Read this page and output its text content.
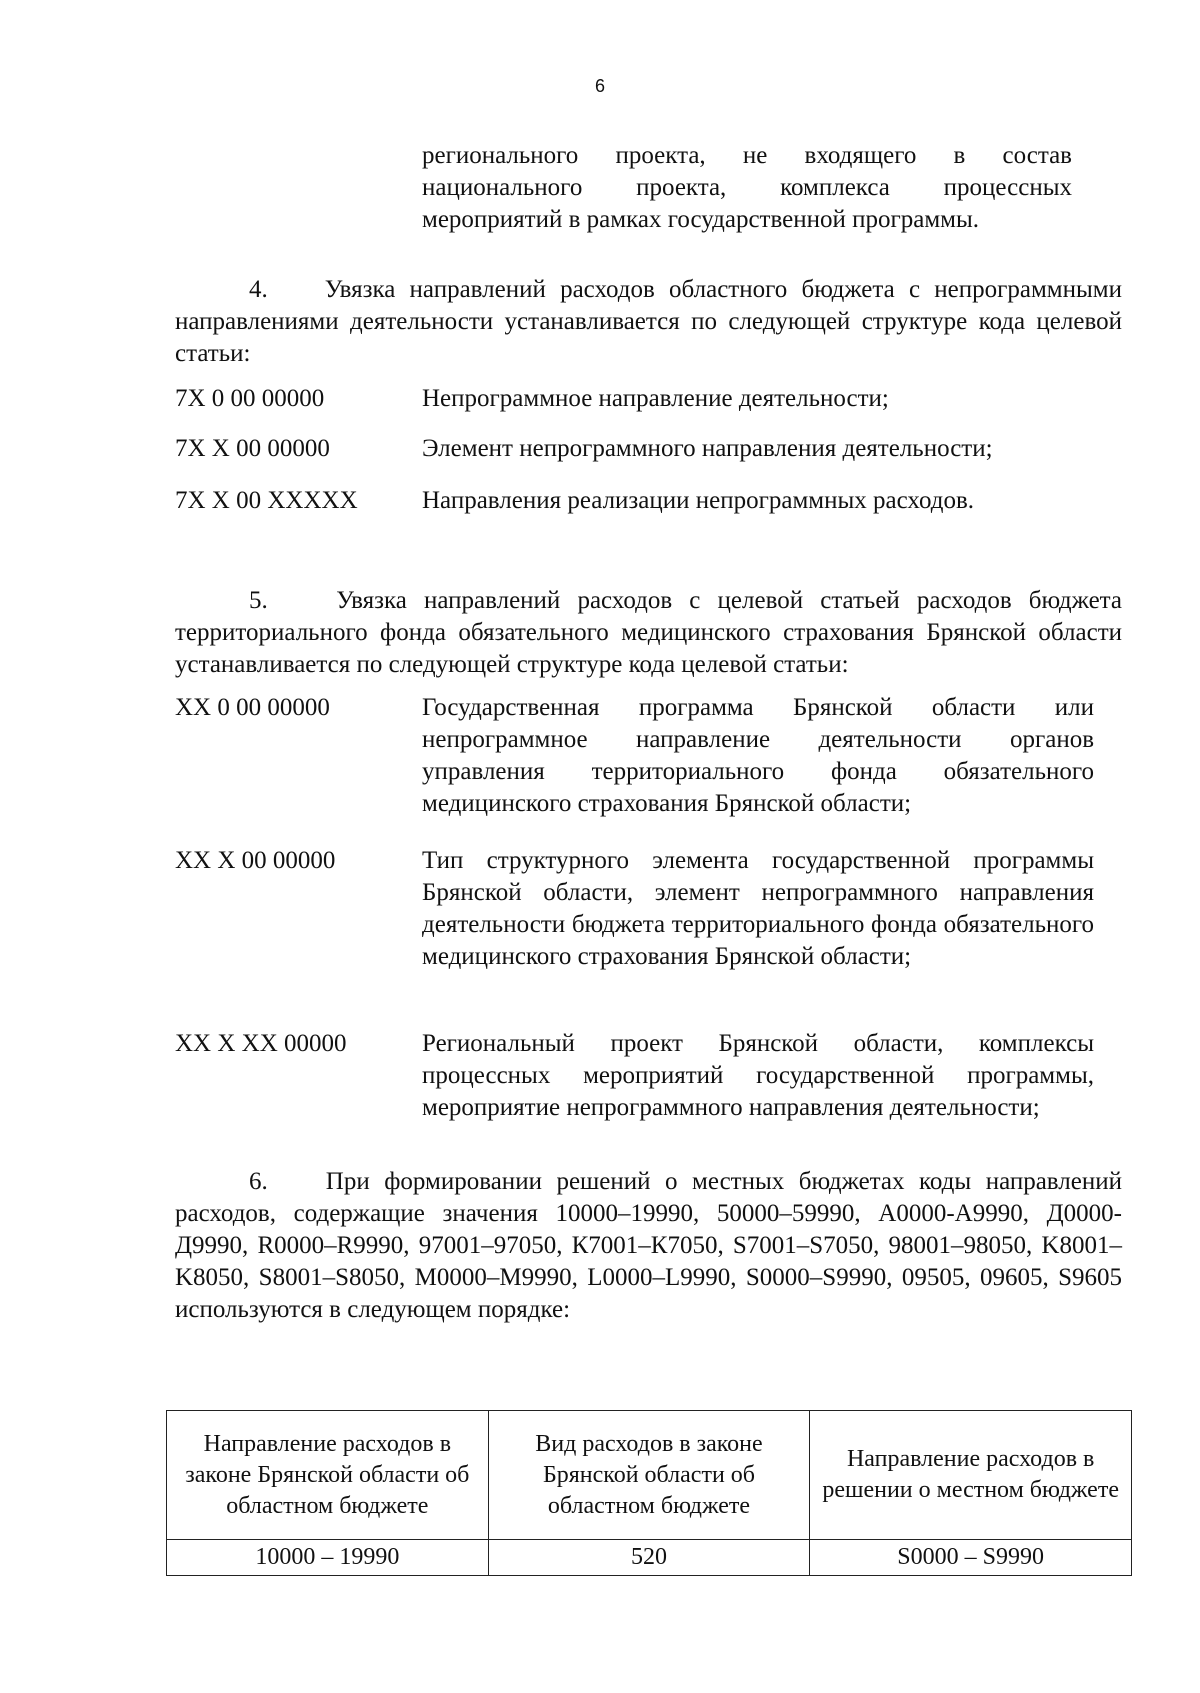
6

регионального проекта, не входящего в состав

национального проекта, комплекса процессных

мероприятий в рамках государственной программы.

4.    Увязка направлений расходов областного бюджета с непрограммными направлениями деятельности устанавливается по следующей структуре кода целевой статьи:
7Х 0 00 00000	Непрограммное направление деятельности;
7Х Х 00 00000	Элемент непрограммного направления деятельности;
7Х Х 00 ХХХХХ	Направления реализации непрограммных расходов.
5.    Увязка направлений расходов с целевой статьей расходов бюджета территориального фонда обязательного медицинского страхования Брянской области устанавливается по следующей структуре кода целевой статьи:
ХХ 0 00 00000	Государственная программа Брянской области или непрограммное направление деятельности органов управления территориального фонда обязательного медицинского страхования Брянской области;
ХХ Х 00 00000	Тип структурного элемента государственной программы Брянской области, элемент непрограммного направления деятельности бюджета территориального фонда обязательного медицинского страхования Брянской области;
ХХ Х ХХ 00000	Региональный проект Брянской области, комплексы процессных мероприятий государственной программы, мероприятие непрограммного направления деятельности;
6.    При формировании решений о местных бюджетах коды направлений расходов, содержащие значения 10000–19990, 50000–59990, А0000-А9990, Д0000-Д9990, R0000–R9990, 97001–97050, К7001–К7050, S7001–S7050, 98001–98050, K8001–K8050, S8001–S8050, M0000–M9990, L0000–L9990, S0000–S9990, 09505, 09605, S9605 используются в следующем порядке:
Направление расходов в законе Брянской области об областном бюджете	Вид расходов в законе Брянской области об областном бюджете	Направление расходов в решении о местном бюджете
10000 – 19990	520	S0000 – S9990
